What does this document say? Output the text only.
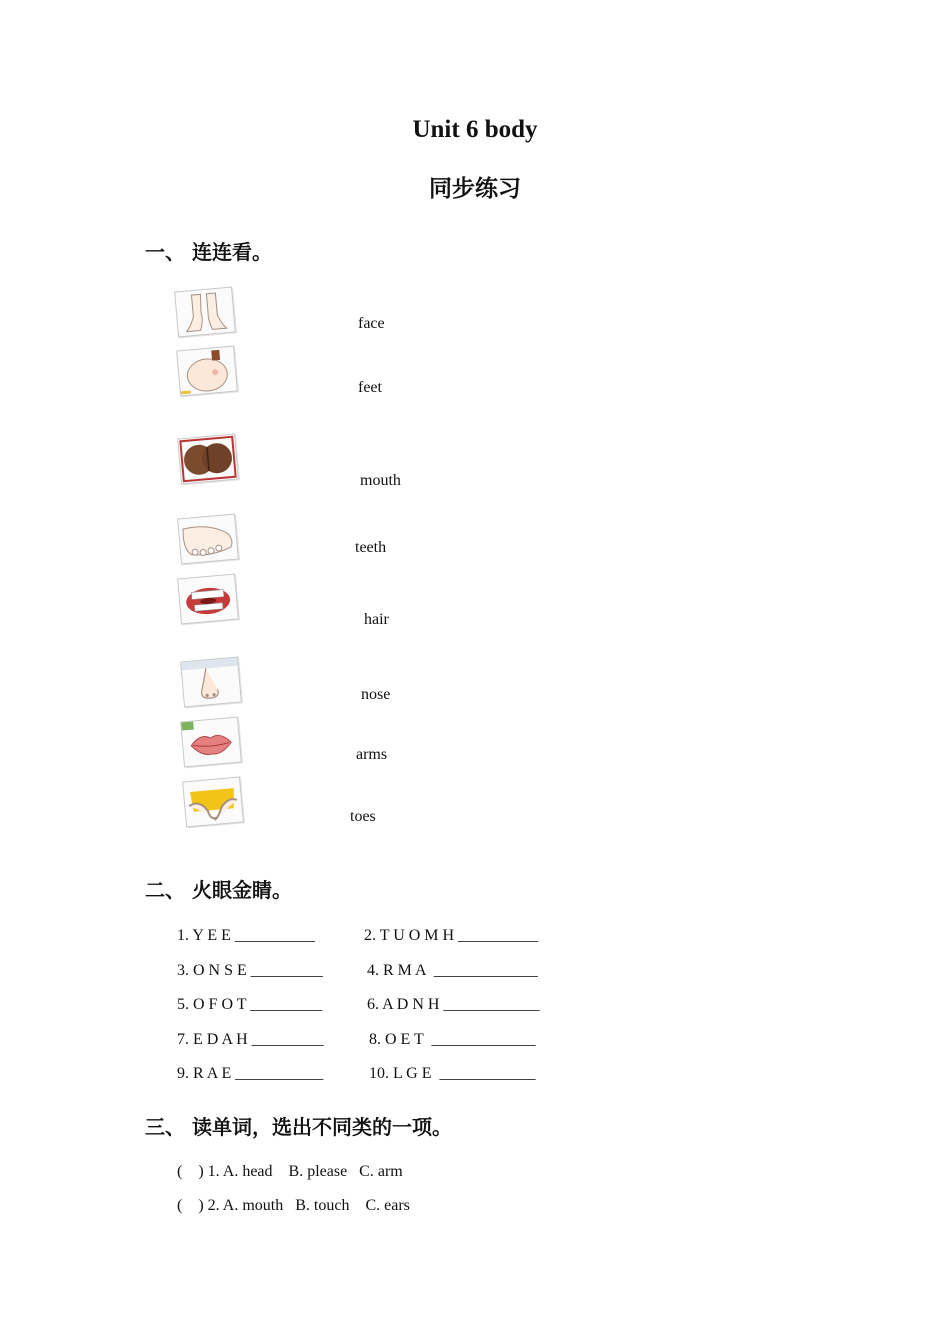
Unit 6 body
同步练习
一、 连连看。
face
feet
mouth
teeth
hair
nose
arms
toes
二、 火眼金睛。
1. Y E E __________	2. T U O M H __________
3. O N S E _________	4. R M A  _____________
5. O F O T _________	6. A D N H ____________
7. E D A H _________	8. O E T  _____________
9. R A E ___________	10. L G E  ____________
三、 读单词，选出不同类的一项。
(    ) 1. A. head    B. please   C. arm
(    ) 2. A. mouth   B. touch    C. ears
